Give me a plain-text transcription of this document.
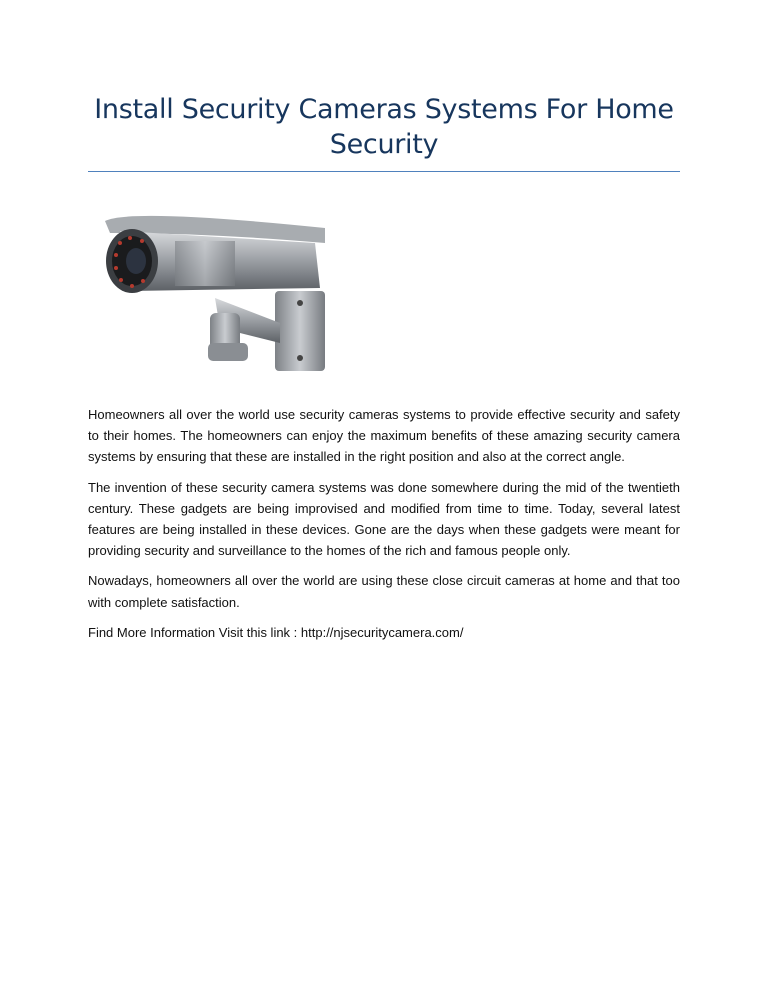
Install Security Cameras Systems For Home Security

Homeowners all over the world use security cameras systems to provide effective security and safety to their homes. The homeowners can enjoy the maximum benefits of these amazing security camera systems by ensuring that these are installed in the right position and also at the correct angle.

The invention of these security camera systems was done somewhere during the mid of the twentieth century. These gadgets are being improvised and modified from time to time. Today, several latest features are being installed in these devices. Gone are the days when these gadgets were meant for providing security and surveillance to the homes of the rich and famous people only.

Nowadays, homeowners all over the world are using these close circuit cameras at home and that too with complete satisfaction.

Find More Information Visit this link : http://njsecuritycamera.com/
